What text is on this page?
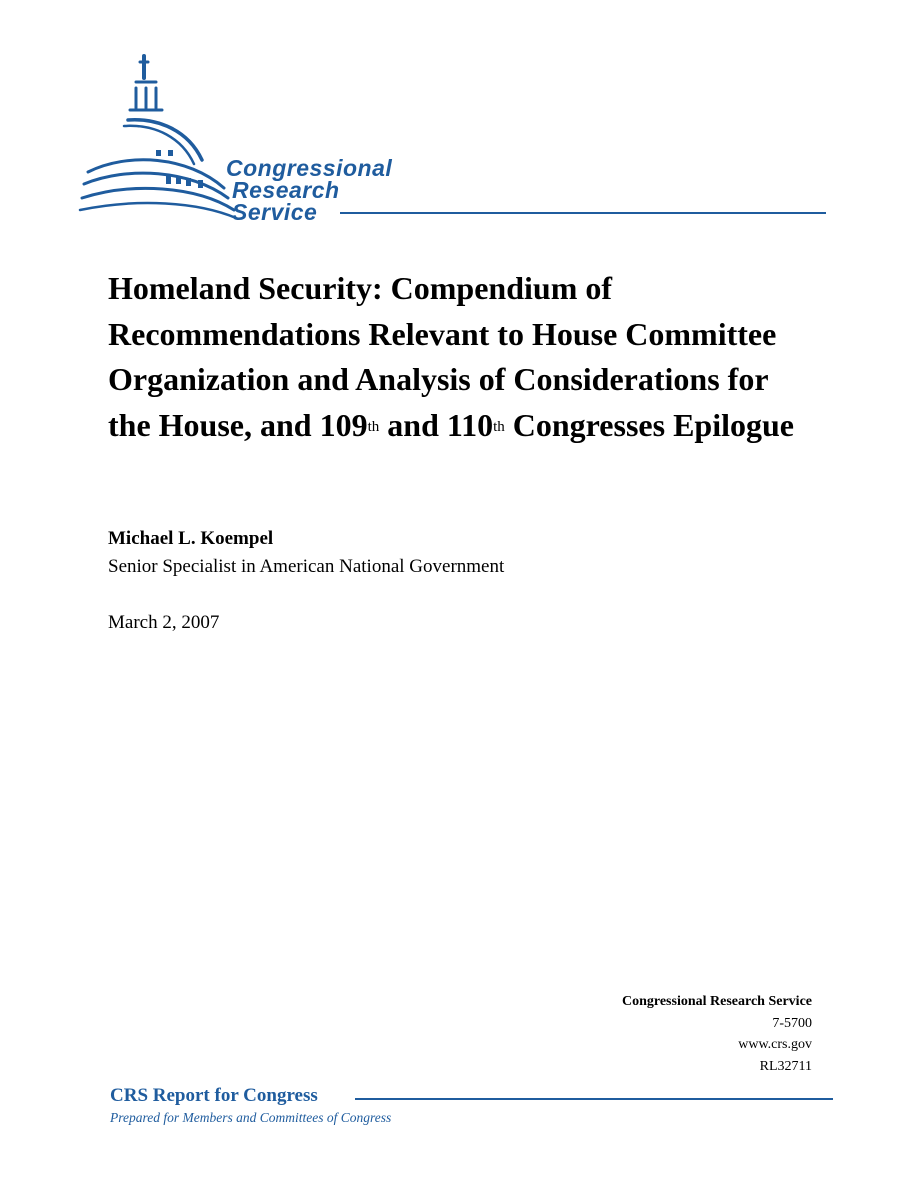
Congressional
Research
Service
Homeland Security: Compendium of Recommendations Relevant to House Committee Organization and Analysis of Considerations for the House, and 109th and 110th Congresses Epilogue
Michael L. Koempel
Senior Specialist in American National Government
March 2, 2007
Congressional Research Service
7-5700
www.crs.gov
RL32711
CRS Report for Congress
Prepared for Members and Committees of Congress
